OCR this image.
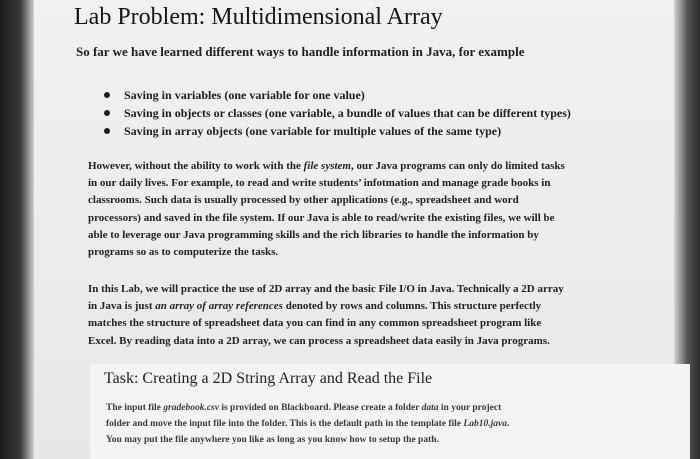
Lab Problem: Multidimensional Array
So far we have learned different ways to handle information in Java, for example
Saving in variables (one variable for one value)
Saving in objects or classes (one variable, a bundle of values that can be different types)
Saving in array objects (one variable for multiple values of the same type)
However, without the ability to work with the file system, our Java programs can only do limited tasks
in our daily lives. For example, to read and write students’ infotmation and manage grade books in
classrooms. Such data is usually processed by other applications (e.g., spreadsheet and word
processors) and saved in the file system. If our Java is able to read/write the existing files, we will be
able to leverage our Java programming skills and the rich libraries to handle the information by
programs so as to computerize the tasks.
In this Lab, we will practice the use of 2D array and the basic File I/O in Java. Technically a 2D array
in Java is just an array of array references denoted by rows and columns. This structure perfectly
matches the structure of spreadsheet data you can find in any common spreadsheet program like
Excel. By reading data into a 2D array, we can process a spreadsheet data easily in Java programs.
Task: Creating a 2D String Array and Read the File
The input file gradebook.csv is provided on Blackboard. Please create a folder data in your project
folder and move the input file into the folder. This is the default path in the template file Lab10.java.
You may put the file anywhere you like as long as you know how to setup the path.
